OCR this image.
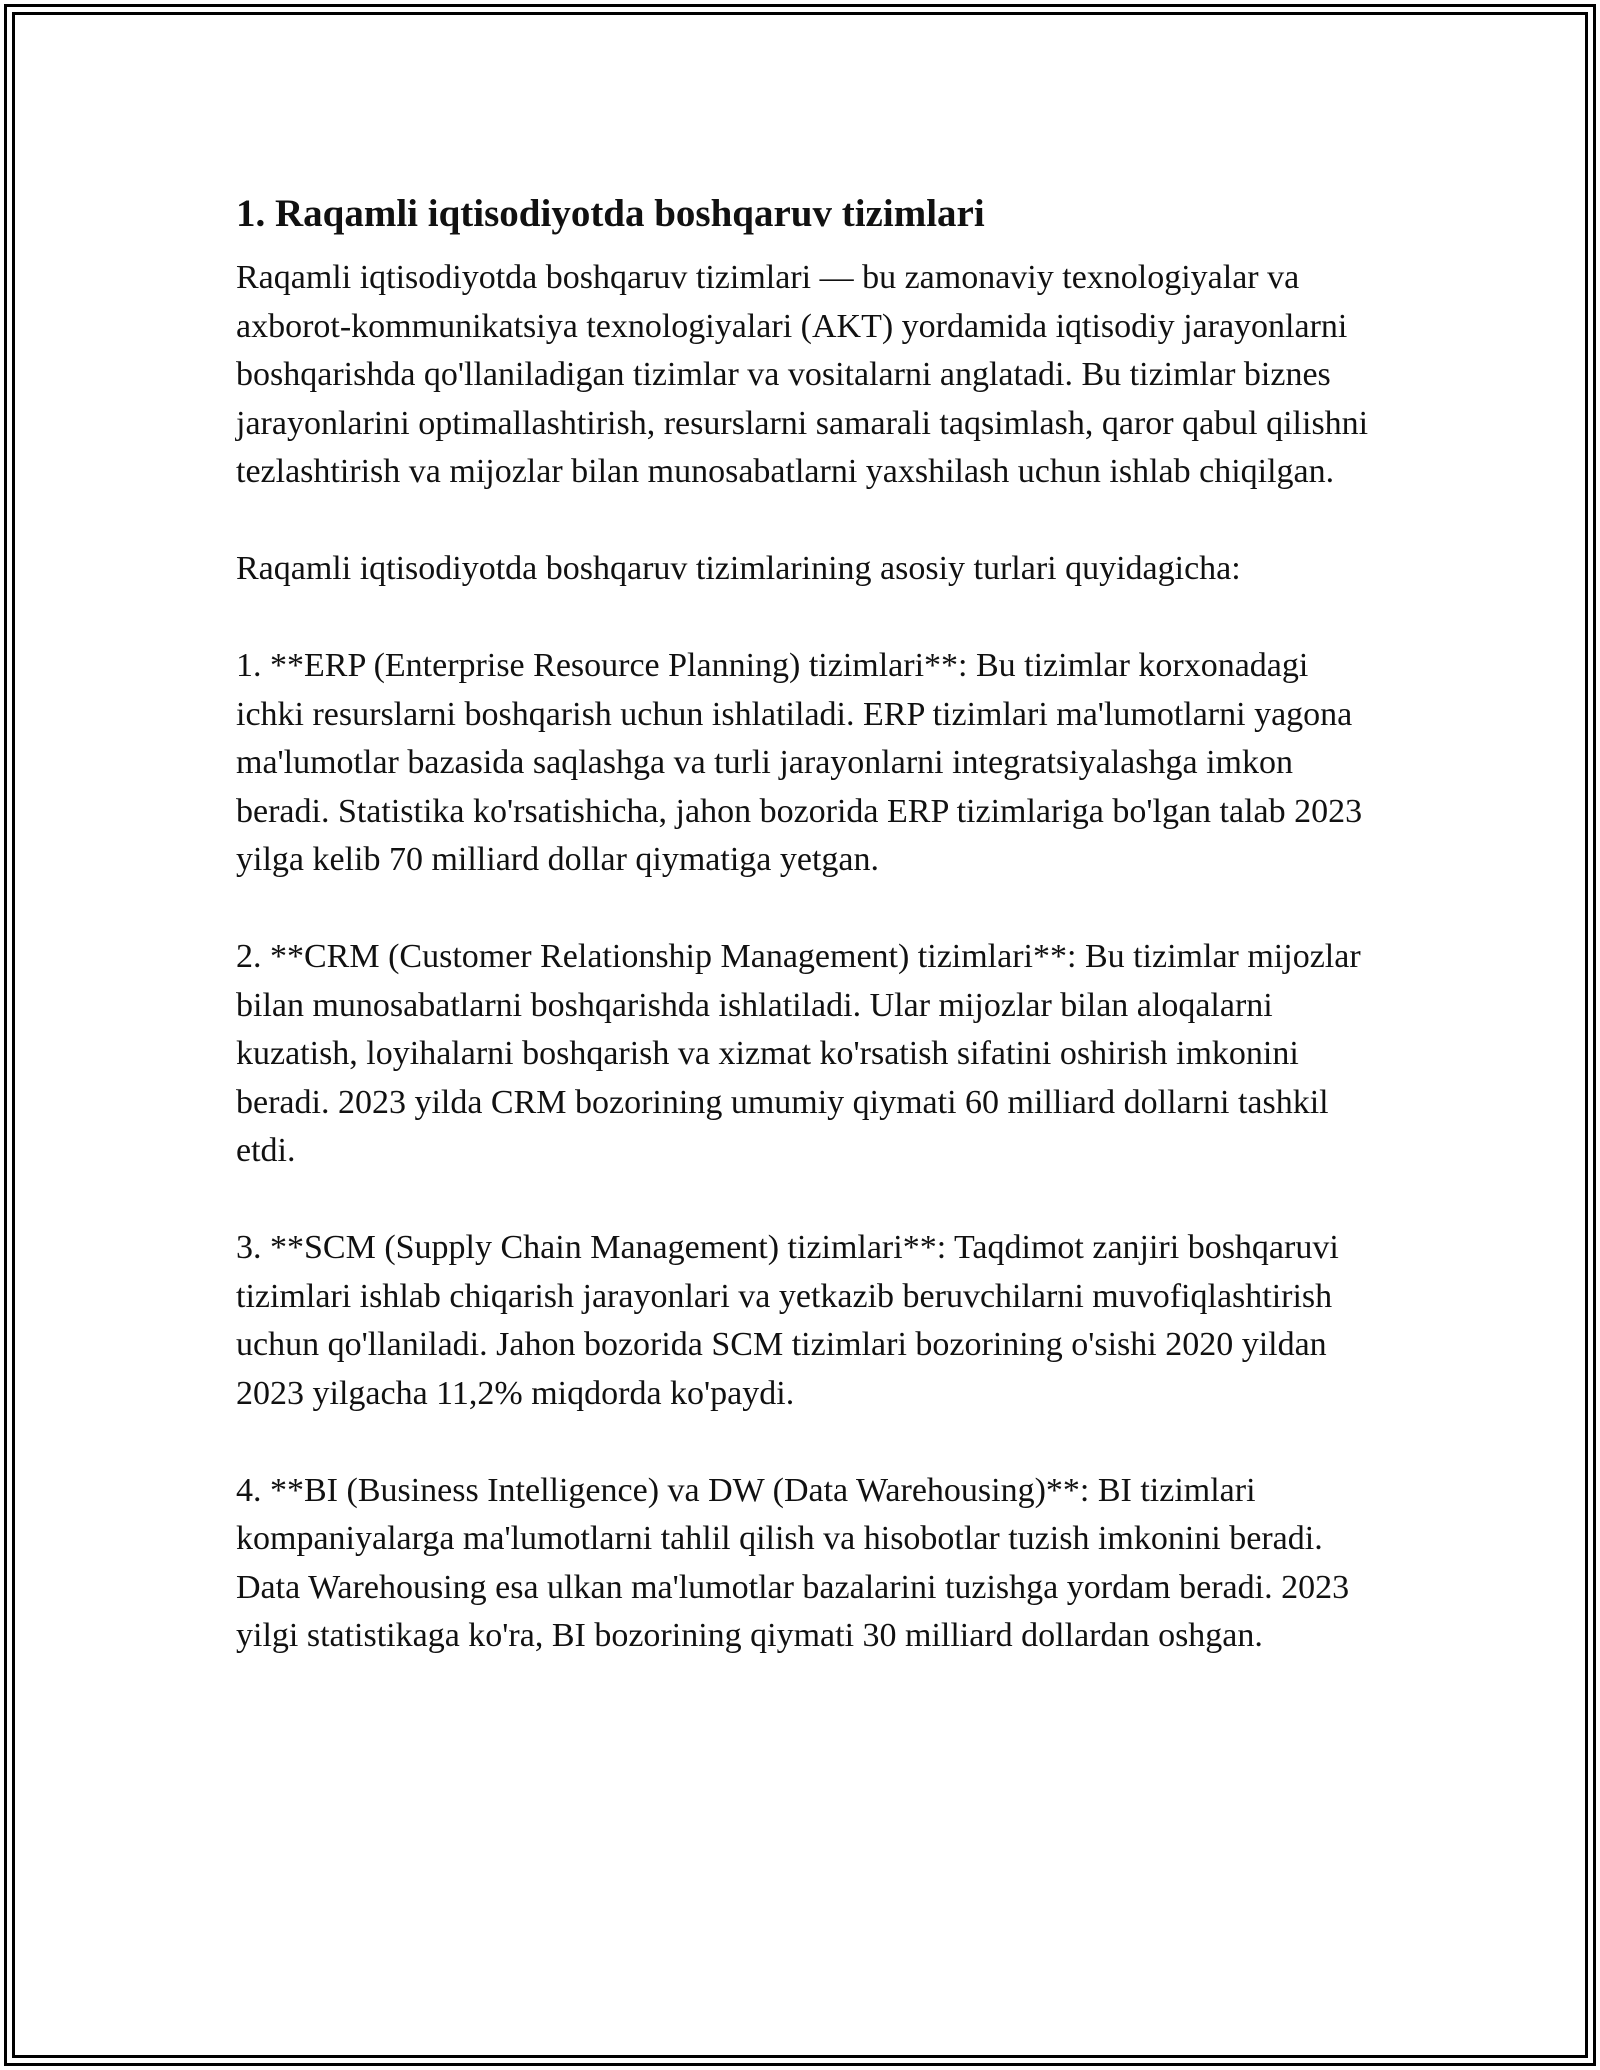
1. Raqamli iqtisodiyotda boshqaruv tizimlari

Raqamli iqtisodiyotda boshqaruv tizimlari — bu zamonaviy texnologiyalar va axborot-kommunikatsiya texnologiyalari (AKT) yordamida iqtisodiy jarayonlarni boshqarishda qo'llaniladigan tizimlar va vositalarni anglatadi. Bu tizimlar biznes jarayonlarini optimallashtirish, resurslarni samarali taqsimlash, qaror qabul qilishni tezlashtirish va mijozlar bilan munosabatlarni yaxshilash uchun ishlab chiqilgan.

Raqamli iqtisodiyotda boshqaruv tizimlarining asosiy turlari quyidagicha:

1. **ERP (Enterprise Resource Planning) tizimlari**: Bu tizimlar korxonadagi ichki resurslarni boshqarish uchun ishlatiladi. ERP tizimlari ma'lumotlarni yagona ma'lumotlar bazasida saqlashga va turli jarayonlarni integratsiyalashga imkon beradi. Statistika ko'rsatishicha, jahon bozorida ERP tizimlariga bo'lgan talab 2023 yilga kelib 70 milliard dollar qiymatiga yetgan.

2. **CRM (Customer Relationship Management) tizimlari**: Bu tizimlar mijozlar bilan munosabatlarni boshqarishda ishlatiladi. Ular mijozlar bilan aloqalarni kuzatish, loyihalarni boshqarish va xizmat ko'rsatish sifatini oshirish imkonini beradi. 2023 yilda CRM bozorining umumiy qiymati 60 milliard dollarni tashkil etdi.

3. **SCM (Supply Chain Management) tizimlari**: Taqdimot zanjiri boshqaruvi tizimlari ishlab chiqarish jarayonlari va yetkazib beruvchilarni muvofiqlashtirish uchun qo'llaniladi. Jahon bozorida SCM tizimlari bozorining o'sishi 2020 yildan 2023 yilgacha 11,2% miqdorda ko'paydi.

4. **BI (Business Intelligence) va DW (Data Warehousing)**: BI tizimlari kompaniyalarga ma'lumotlarni tahlil qilish va hisobotlar tuzish imkonini beradi. Data Warehousing esa ulkan ma'lumotlar bazalarini tuzishga yordam beradi. 2023 yilgi statistikaga ko'ra, BI bozorining qiymati 30 milliard dollardan oshgan.
